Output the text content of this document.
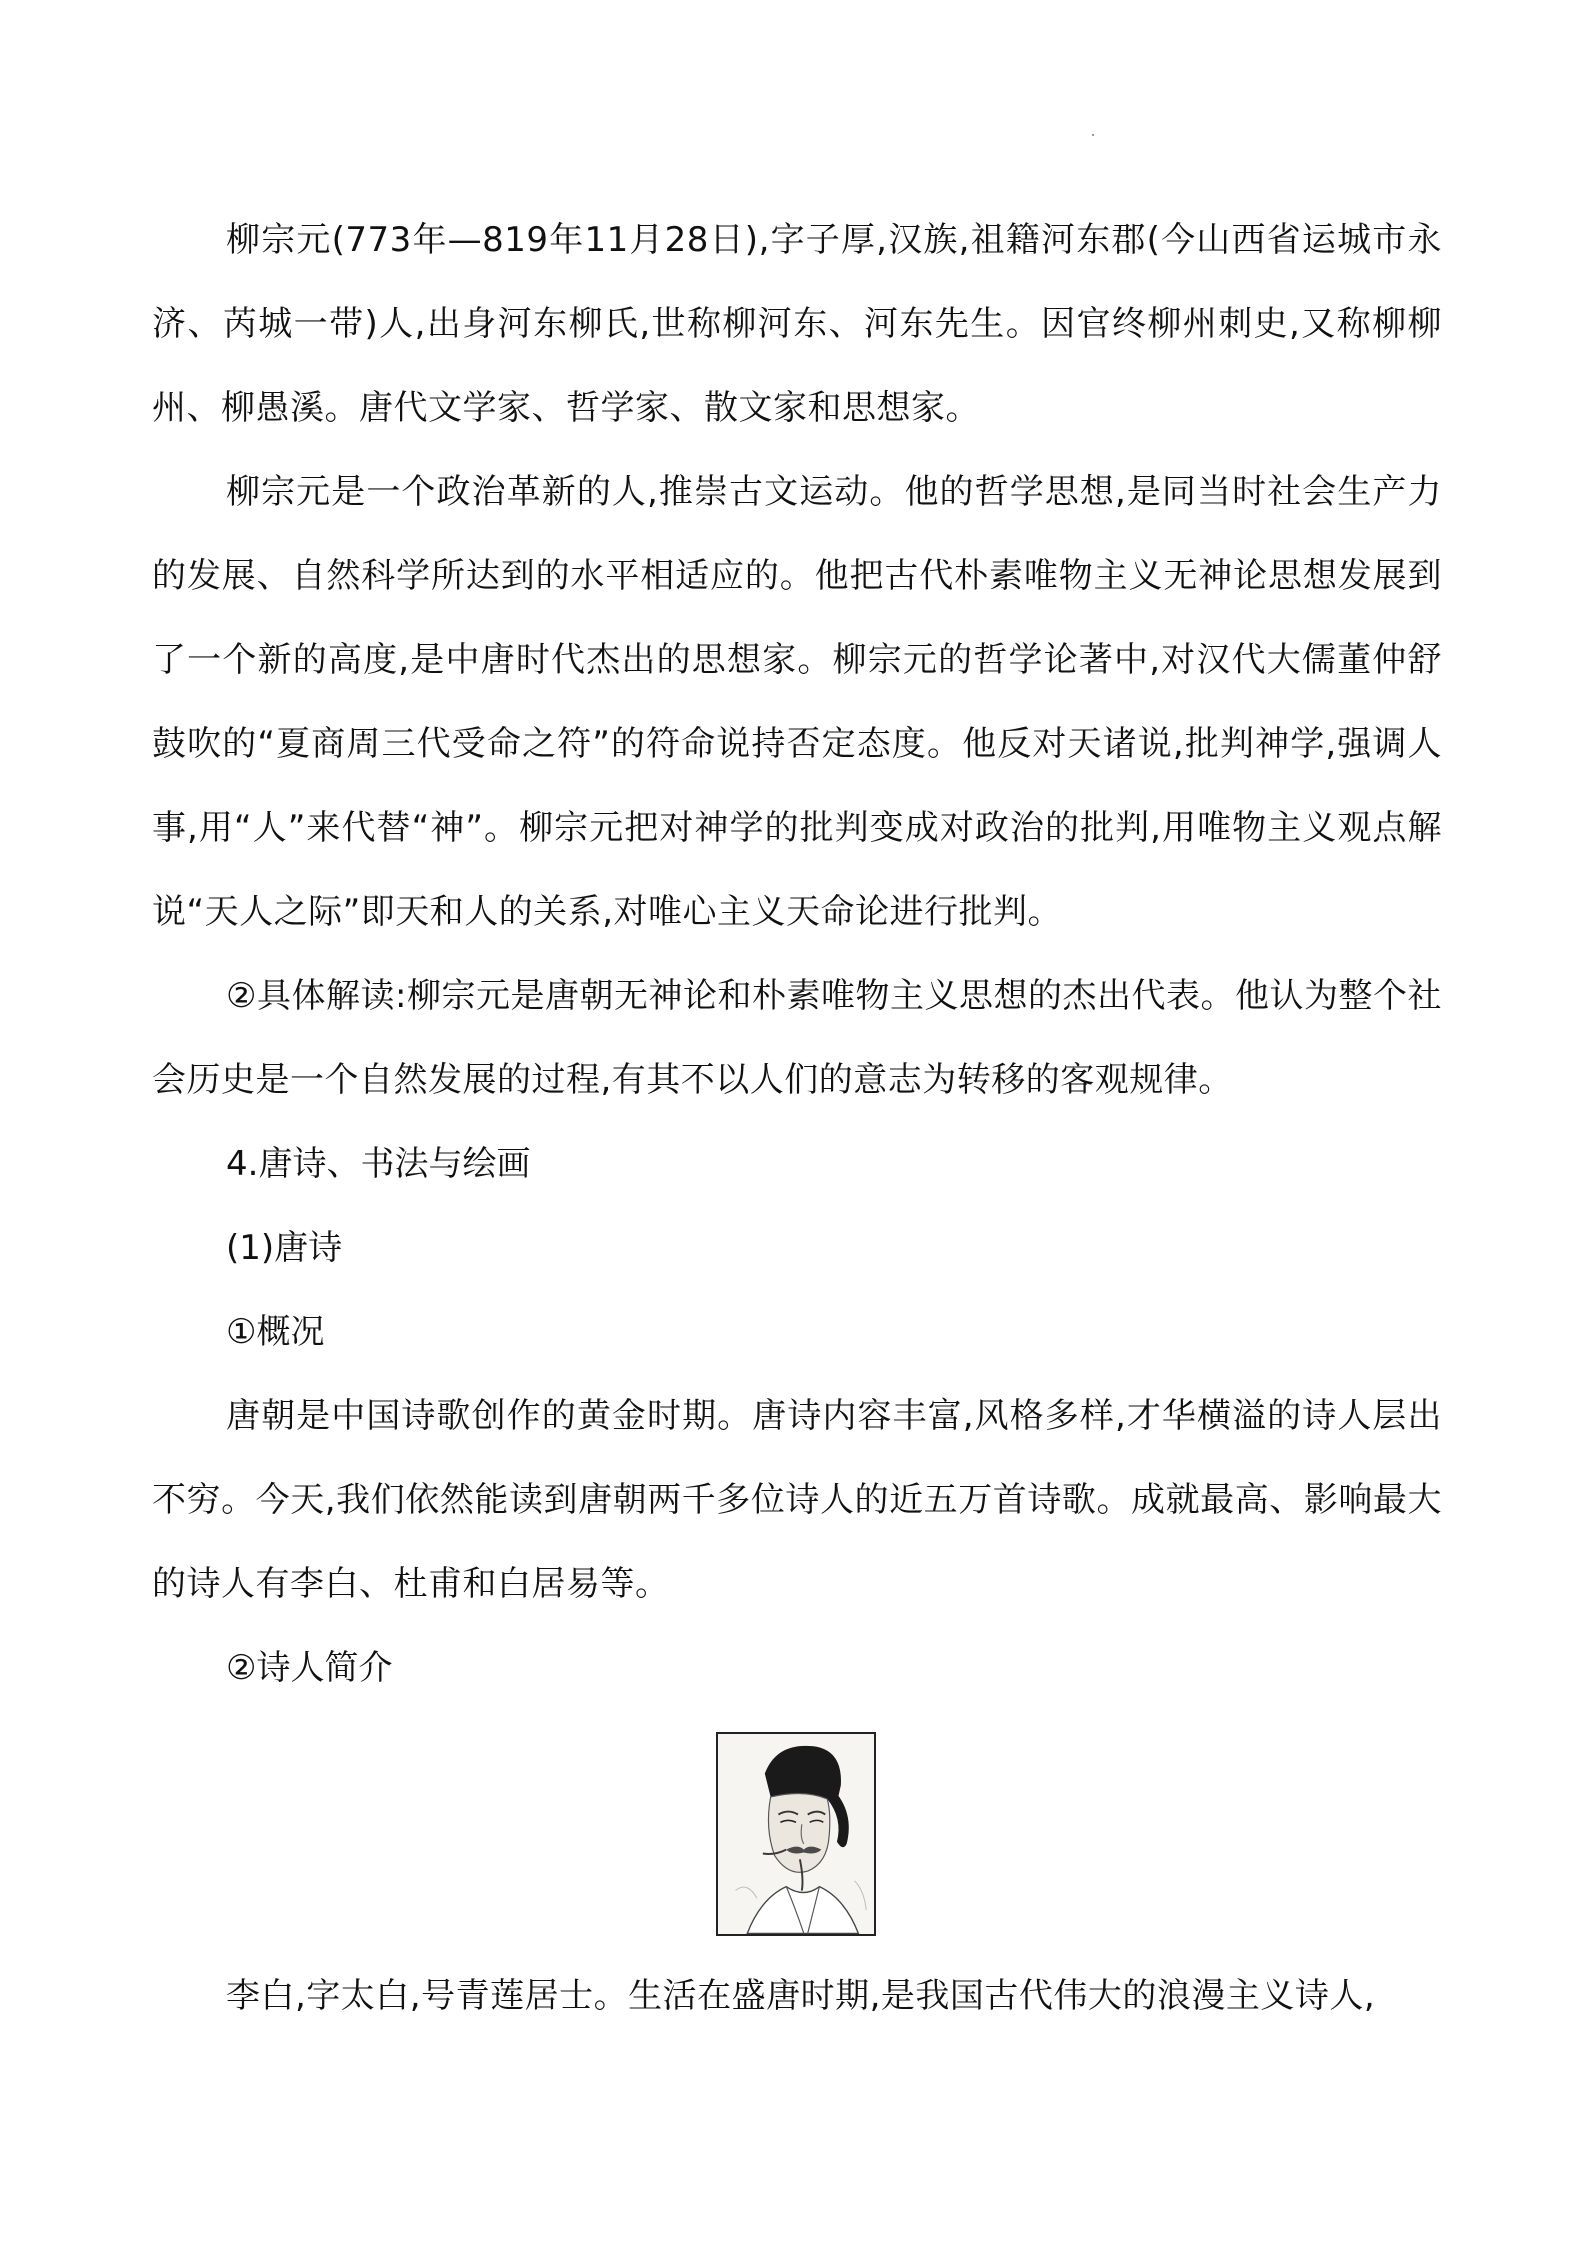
柳宗元(773年—819年11月28日),字子厚,汉族,祖籍河东郡(今山西省运城市永济、芮城一带)人,出身河东柳氏,世称柳河东、河东先生。因官终柳州刺史,又称柳柳州、柳愚溪。唐代文学家、哲学家、散文家和思想家。

柳宗元是一个政治革新的人,推崇古文运动。他的哲学思想,是同当时社会生产力的发展、自然科学所达到的水平相适应的。他把古代朴素唯物主义无神论思想发展到了一个新的高度,是中唐时代杰出的思想家。柳宗元的哲学论著中,对汉代大儒董仲舒鼓吹的“夏商周三代受命之符”的符命说持否定态度。他反对天诸说,批判神学,强调人事,用“人”来代替“神”。柳宗元把对神学的批判变成对政治的批判,用唯物主义观点解说“天人之际”即天和人的关系,对唯心主义天命论进行批判。

②具体解读:柳宗元是唐朝无神论和朴素唯物主义思想的杰出代表。他认为整个社会历史是一个自然发展的过程,有其不以人们的意志为转移的客观规律。

4.唐诗、书法与绘画

(1)唐诗

①概况

唐朝是中国诗歌创作的黄金时期。唐诗内容丰富,风格多样,才华横溢的诗人层出不穷。今天,我们依然能读到唐朝两千多位诗人的近五万首诗歌。成就最高、影响最大的诗人有李白、杜甫和白居易等。

②诗人简介

李白,字太白,号青莲居士。生活在盛唐时期,是我国古代伟大的浪漫主义诗人,
